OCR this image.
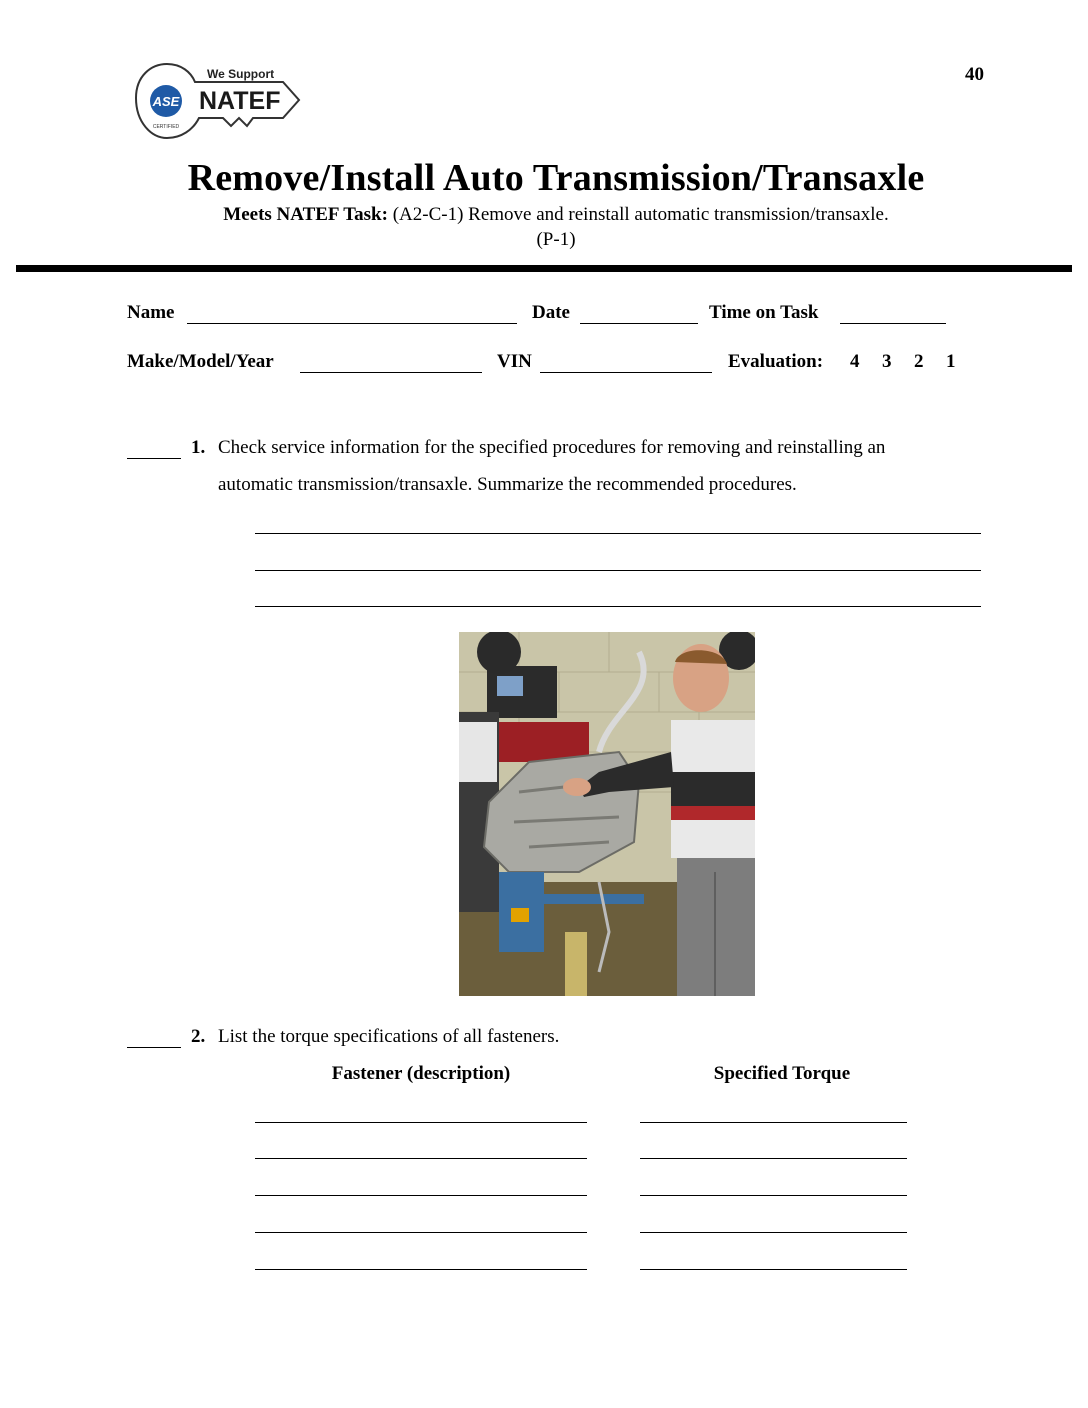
ASE
CERTIFIED
We Support
NATEF
40
Remove/Install Auto Transmission/Transaxle
Meets NATEF Task: (A2-C-1) Remove and reinstall automatic transmission/transaxle.
(P-1)
Name	Date	Time on Task
Make/Model/Year	VIN	Evaluation: 4 3 2 1
1. Check service information for the specified procedures for removing and reinstalling an
automatic transmission/transaxle. Summarize the recommended procedures.
2. List the torque specifications of all fasteners.
Fastener (description)	Specified Torque
